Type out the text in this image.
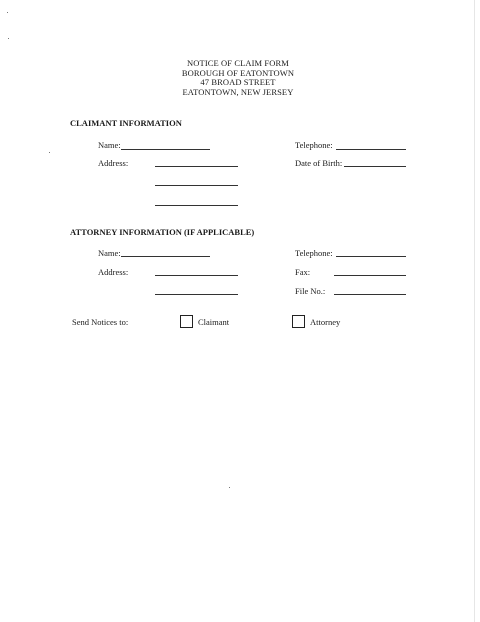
NOTICE OF CLAIM FORM
BOROUGH OF EATONTOWN
47 BROAD STREET
EATONTOWN, NEW JERSEY
CLAIMANT INFORMATION
Name:	Telephone:
Address:	Date of Birth:
ATTORNEY INFORMATION (IF APPLICABLE)
Name:	Telephone:
Address:	Fax:
File No.:
Send Notices to:	Claimant	Attorney
